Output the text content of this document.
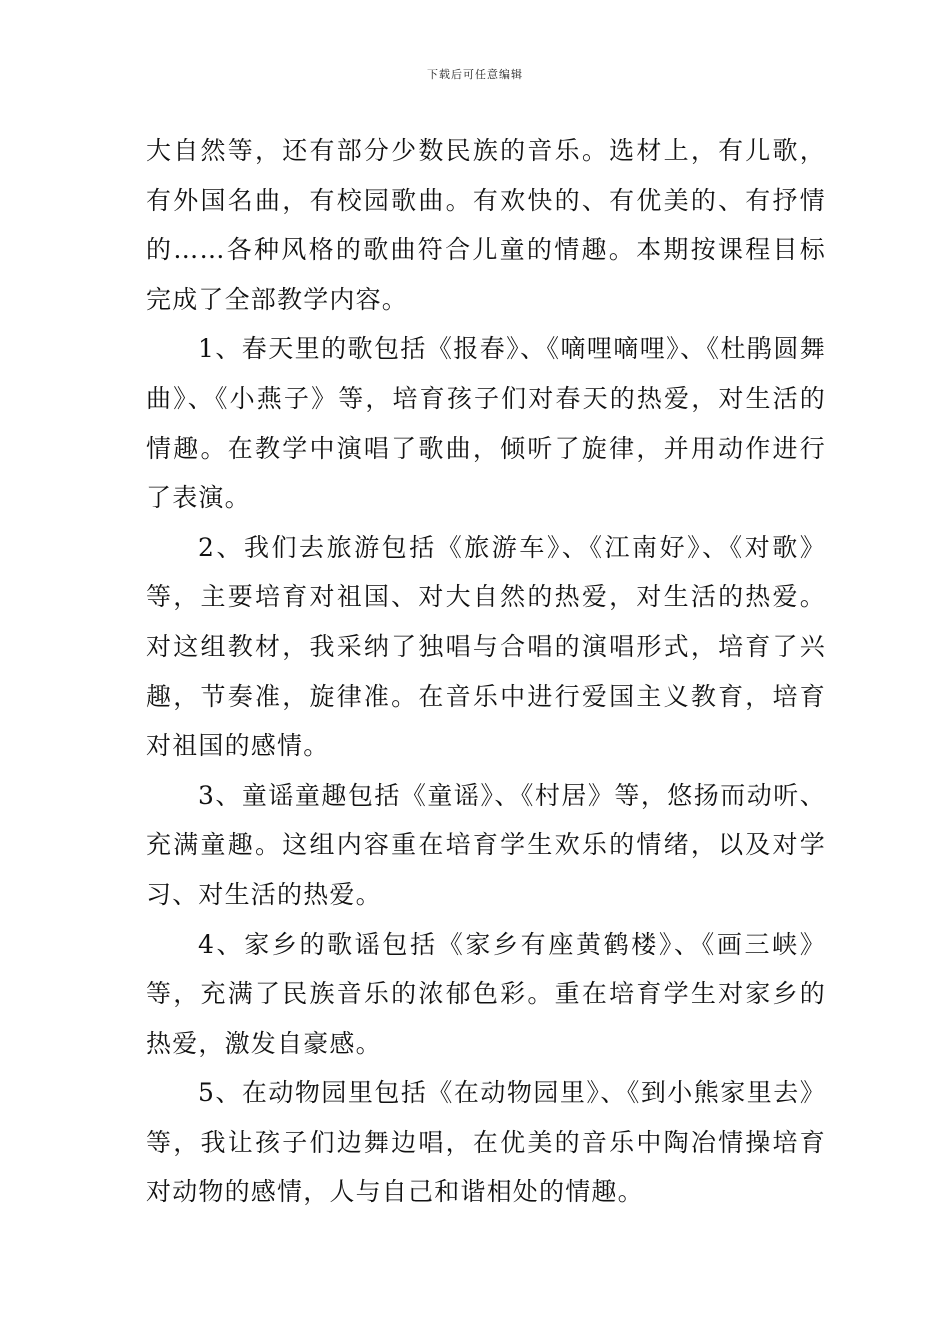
下载后可任意编辑

大自然等，还有部分少数民族的音乐。选材上，有儿歌，有外国名曲，有校园歌曲。有欢快的、有优美的、有抒情的……各种风格的歌曲符合儿童的情趣。本期按课程目标完成了全部教学内容。

1、春天里的歌包括《报春》、《嘀哩嘀哩》、《杜鹃圆舞曲》、《小燕子》等，培育孩子们对春天的热爱，对生活的情趣。在教学中演唱了歌曲，倾听了旋律，并用动作进行了表演。

2、我们去旅游包括《旅游车》、《江南好》、《对歌》等，主要培育对祖国、对大自然的热爱，对生活的热爱。对这组教材，我采纳了独唱与合唱的演唱形式，培育了兴趣，节奏准，旋律准。在音乐中进行爱国主义教育，培育对祖国的感情。

3、童谣童趣包括《童谣》、《村居》等，悠扬而动听、充满童趣。这组内容重在培育学生欢乐的情绪，以及对学习、对生活的热爱。

4、家乡的歌谣包括《家乡有座黄鹤楼》、《画三峡》等，充满了民族音乐的浓郁色彩。重在培育学生对家乡的热爱，激发自豪感。

5、在动物园里包括《在动物园里》、《到小熊家里去》等，我让孩子们边舞边唱，在优美的音乐中陶冶情操培育对动物的感情，人与自己和谐相处的情趣。
